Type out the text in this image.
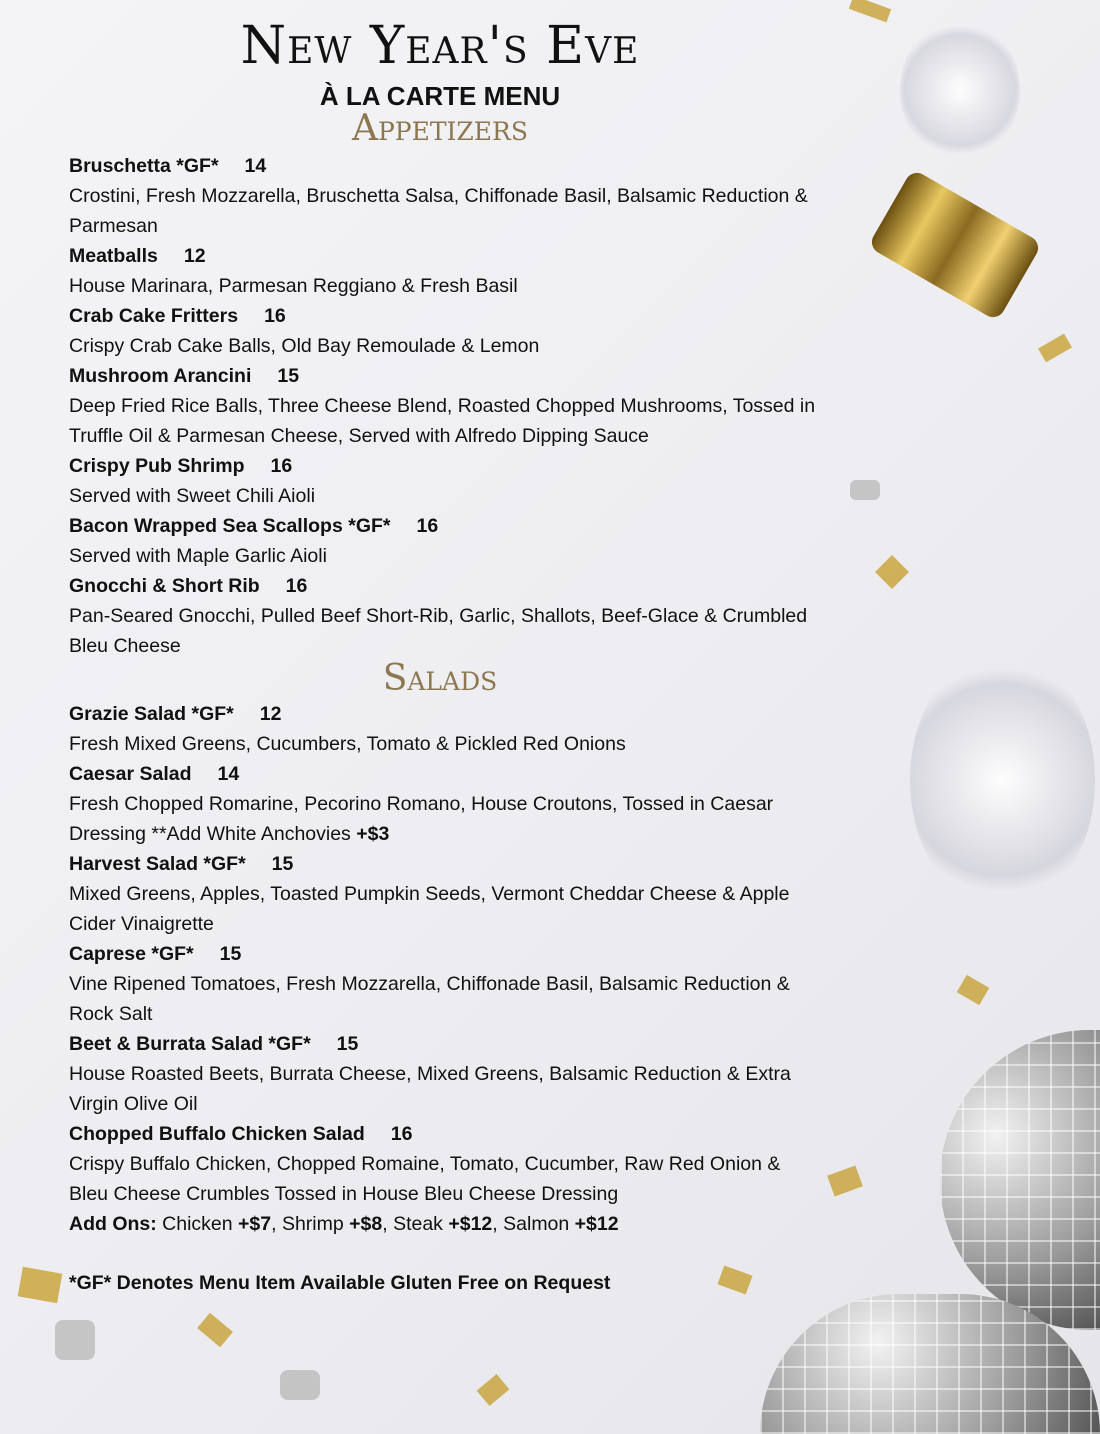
New Year's Eve
À LA CARTE MENU
Appetizers
Bruschetta *GF* 14
Crostini, Fresh Mozzarella, Bruschetta Salsa, Chiffonade Basil, Balsamic Reduction & Parmesan
Meatballs 12
House Marinara, Parmesan Reggiano & Fresh Basil
Crab Cake Fritters 16
Crispy Crab Cake Balls, Old Bay Remoulade & Lemon
Mushroom Arancini 15
Deep Fried Rice Balls, Three Cheese Blend, Roasted Chopped Mushrooms, Tossed in Truffle Oil & Parmesan Cheese, Served with Alfredo Dipping Sauce
Crispy Pub Shrimp 16
Served with Sweet Chili Aioli
Bacon Wrapped Sea Scallops *GF* 16
Served with Maple Garlic Aioli
Gnocchi & Short Rib 16
Pan-Seared Gnocchi, Pulled Beef Short-Rib, Garlic, Shallots, Beef-Glace & Crumbled Bleu Cheese
Salads
Grazie Salad *GF* 12
Fresh Mixed Greens, Cucumbers, Tomato & Pickled Red Onions
Caesar Salad 14
Fresh Chopped Romarine, Pecorino Romano, House Croutons, Tossed in Caesar Dressing **Add White Anchovies +$3
Harvest Salad *GF* 15
Mixed Greens, Apples, Toasted Pumpkin Seeds, Vermont Cheddar Cheese & Apple Cider Vinaigrette
Caprese *GF* 15
Vine Ripened Tomatoes, Fresh Mozzarella, Chiffonade Basil, Balsamic Reduction & Rock Salt
Beet & Burrata Salad *GF* 15
House Roasted Beets, Burrata Cheese, Mixed Greens, Balsamic Reduction & Extra Virgin Olive Oil
Chopped Buffalo Chicken Salad 16
Crispy Buffalo Chicken, Chopped Romaine, Tomato, Cucumber, Raw Red Onion & Bleu Cheese Crumbles Tossed in House Bleu Cheese Dressing
Add Ons: Chicken +$7, Shrimp +$8, Steak +$12, Salmon +$12
*GF* Denotes Menu Item Available Gluten Free on Request
